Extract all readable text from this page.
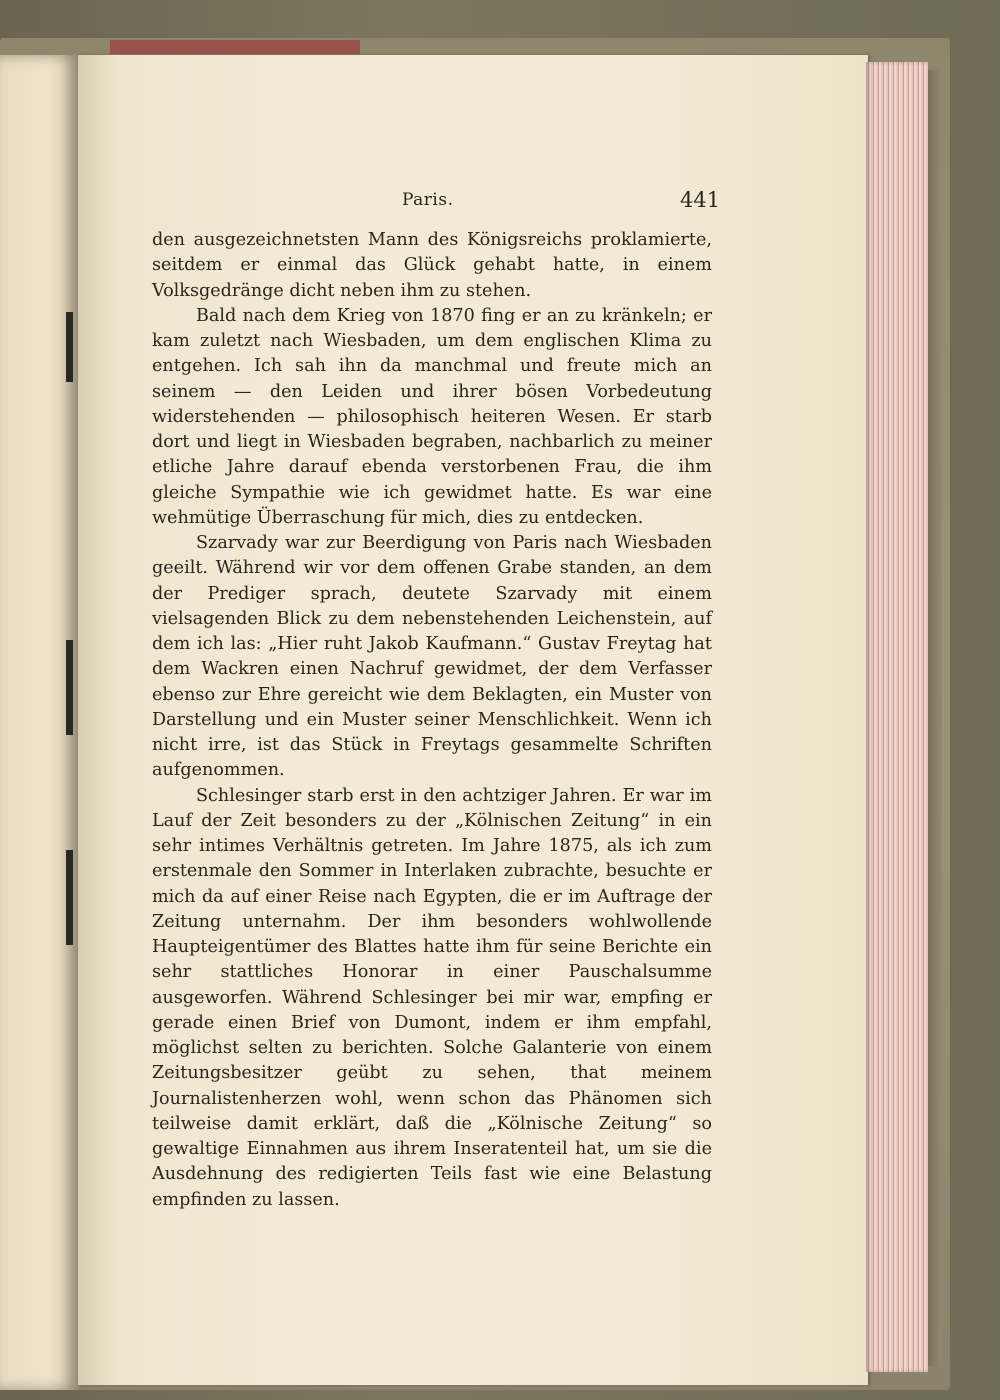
Paris.	441

den ausgezeichnetsten Mann des Königsreichs proklamierte, seitdem er einmal das Glück gehabt hatte, in einem Volksgedränge dicht neben ihm zu stehen.

Bald nach dem Krieg von 1870 fing er an zu kränkeln; er kam zuletzt nach Wiesbaden, um dem englischen Klima zu entgehen. Ich sah ihn da manchmal und freute mich an seinem — den Leiden und ihrer bösen Vorbedeutung widerstehenden — philosophisch heiteren Wesen. Er starb dort und liegt in Wiesbaden begraben, nachbarlich zu meiner etliche Jahre darauf ebenda verstorbenen Frau, die ihm gleiche Sympathie wie ich gewidmet hatte. Es war eine wehmütige Überraschung für mich, dies zu entdecken.

Szarvady war zur Beerdigung von Paris nach Wiesbaden geeilt. Während wir vor dem offenen Grabe standen, an dem der Prediger sprach, deutete Szarvady mit einem vielsagenden Blick zu dem nebenstehenden Leichenstein, auf dem ich las: „Hier ruht Jakob Kaufmann.“ Gustav Freytag hat dem Wackren einen Nachruf gewidmet, der dem Verfasser ebenso zur Ehre gereicht wie dem Beklagten, ein Muster von Darstellung und ein Muster seiner Menschlichkeit. Wenn ich nicht irre, ist das Stück in Freytags gesammelte Schriften aufgenommen.

Schlesinger starb erst in den achtziger Jahren. Er war im Lauf der Zeit besonders zu der „Kölnischen Zeitung“ in ein sehr intimes Verhältnis getreten. Im Jahre 1875, als ich zum erstenmale den Sommer in Interlaken zubrachte, besuchte er mich da auf einer Reise nach Egypten, die er im Auftrage der Zeitung unternahm. Der ihm besonders wohlwollende Haupteigentümer des Blattes hatte ihm für seine Berichte ein sehr stattliches Honorar in einer Pauschalsumme ausgeworfen. Während Schlesinger bei mir war, empfing er gerade einen Brief von Dumont, indem er ihm empfahl, möglichst selten zu berichten. Solche Galanterie von einem Zeitungsbesitzer geübt zu sehen, that meinem Journalistenherzen wohl, wenn schon das Phänomen sich teilweise damit erklärt, daß die „Kölnische Zeitung“ so gewaltige Einnahmen aus ihrem Inseratenteil hat, um sie die Ausdehnung des redigierten Teils fast wie eine Belastung empfinden zu lassen.
